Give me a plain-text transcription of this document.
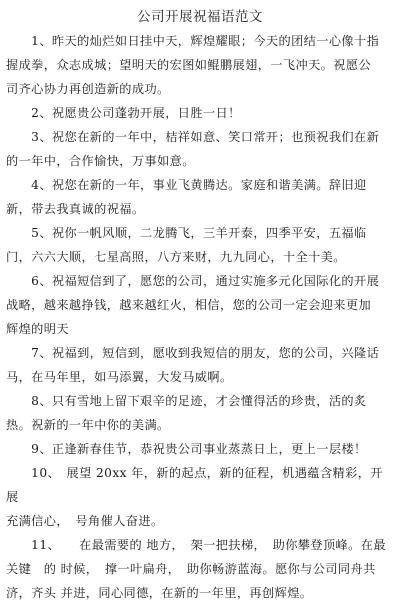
公司开展祝福语范文
　　1、昨天的灿烂如日挂中天，辉煌耀眼；今天的团结一心像十指
握成拳，众志成城；望明天的宏图如鲲鹏展翅，一飞冲天。祝愿公
司齐心协力再创造新的成功。
　　2、祝愿贵公司蓬勃开展，日胜一日！
　　3、祝您在新的一年中，桔祥如意、笑口常开；也预祝我们在新
的一年中，合作愉快，万事如意。
　　4、祝您在新的一年，事业飞黄腾达。家庭和谐美满。辞旧迎
新，带去我真诚的祝福。
　　5、祝你一帆风顺，二龙腾飞，三羊开泰，四季平安，五福临
门，六六大顺，七星高照，八方来财，九九同心，十全十美。
　　6、祝福短信到了，愿您的公司，通过实施多元化国际化的开展
战略，越来越挣钱，越来越红火，相信，您的公司一定会迎来更加
辉煌的明天
　　7、祝福到，短信到，愿收到我短信的朋友，您的公司，兴隆话
马，在马年里，如马添翼，大发马威啊。
　　8、只有雪地上留下艰辛的足迹，才会懂得活的珍贵，活的炙
热。祝新的一年中你的美满。
　　9、正逢新春佳节，恭祝贵公司事业蒸蒸日上，更上一层楼！
　　10、　展望 20xx 年，新的起点，新的征程，机遇蕴含精彩，开
展
充满信心，　号角催人奋进。
　　11、　　在最需要的 地方，　架一把扶梯，　助你攀登顶峰。在最
关键　的 时候，　撑一叶扁舟，　助你畅游蓝海。愿你与公司同舟共
济，齐头 并进，同心同德，在新的一年里，再创辉煌。
